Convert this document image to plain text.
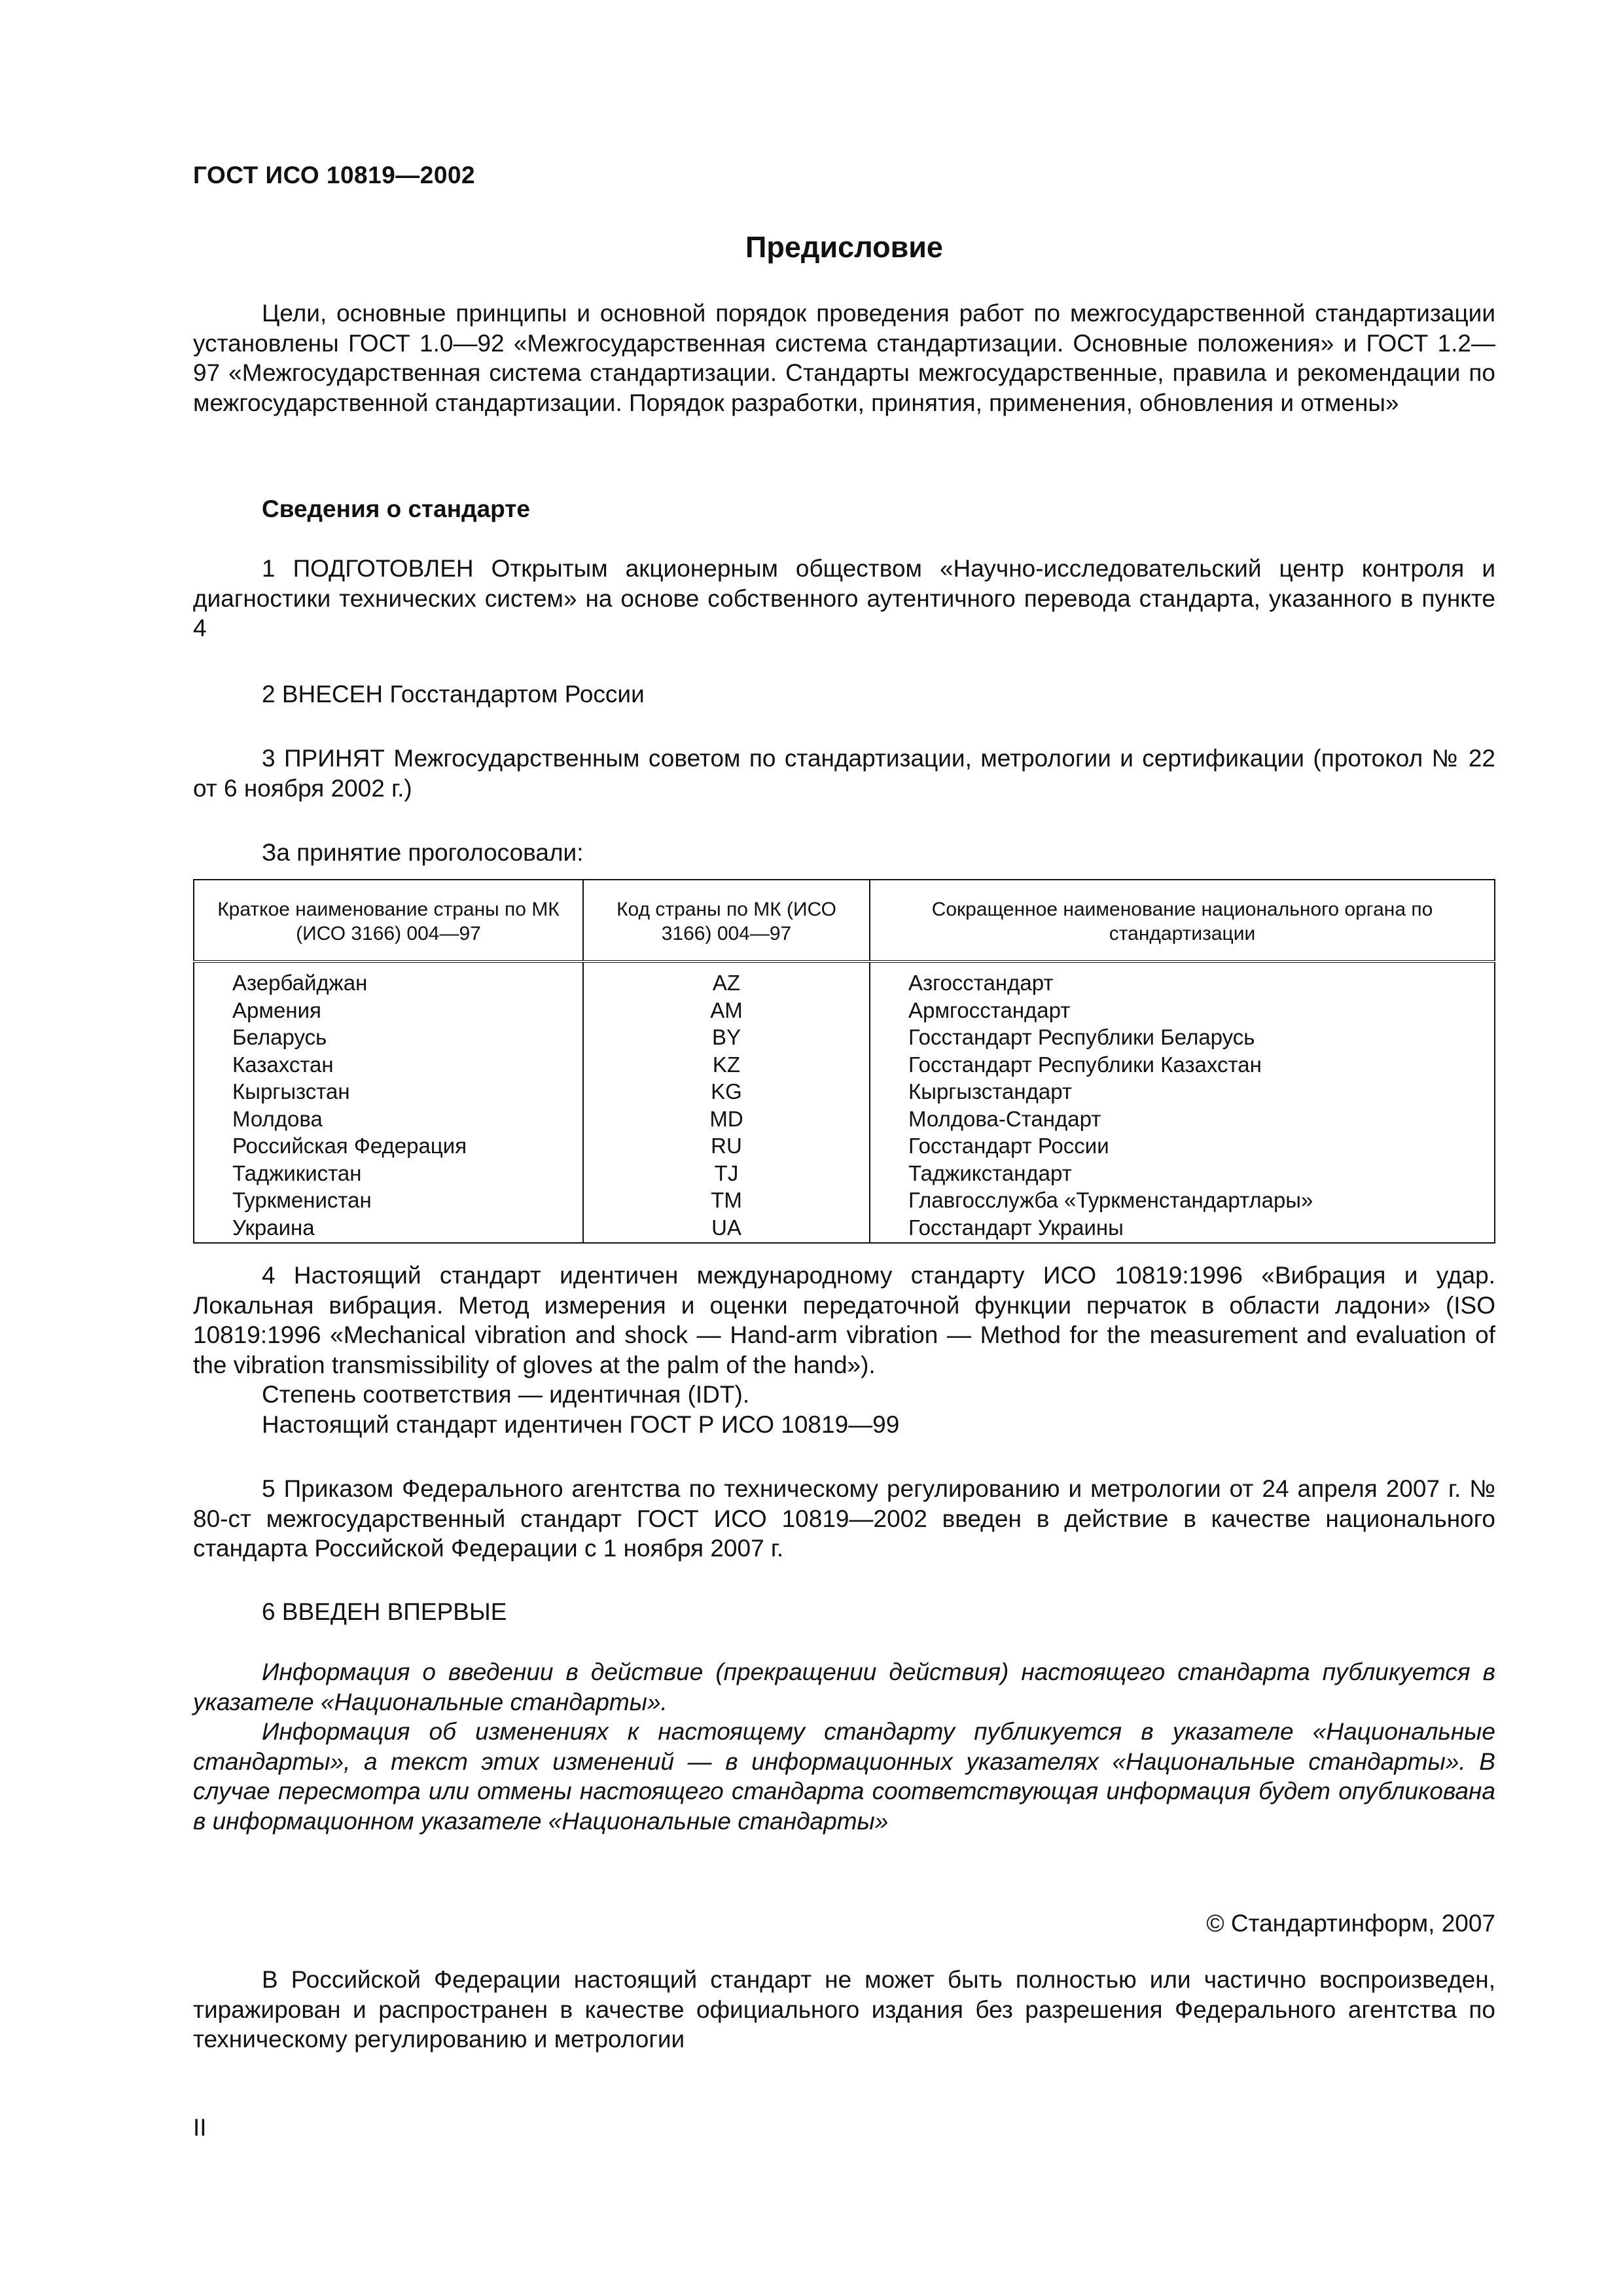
ГОСТ ИСО 10819—2002
Предисловие

Цели, основные принципы и основной порядок проведения работ по межгосударственной стандартизации установлены ГОСТ 1.0—92 «Межгосударственная система стандартизации. Основные положения» и ГОСТ 1.2—97 «Межгосударственная система стандартизации. Стандарты межгосударственные, правила и рекомендации по межгосударственной стандартизации. Порядок разработки, принятия, применения, обновления и отмены»

Сведения о стандарте

1 ПОДГОТОВЛЕН Открытым акционерным обществом «Научно-исследовательский центр контроля и диагностики технических систем» на основе собственного аутентичного перевода стандарта, указанного в пункте 4

2 ВНЕСЕН Госстандартом России

3 ПРИНЯТ Межгосударственным советом по стандартизации, метрологии и сертификации (протокол № 22 от 6 ноября 2002 г.)

За принятие проголосовали:

Краткое наименование страны по МК (ИСО 3166) 004—97	Код страны по МК (ИСО 3166) 004—97	Сокращенное наименование национального органа по стандартизации
Азербайджан	AZ	Азгосстандарт
Армения	AM	Армгосстандарт
Беларусь	BY	Госстандарт Республики Беларусь
Казахстан	KZ	Госстандарт Республики Казахстан
Кыргызстан	KG	Кыргызстандарт
Молдова	MD	Молдова-Стандарт
Российская Федерация	RU	Госстандарт России
Таджикистан	TJ	Таджикстандарт
Туркменистан	TM	Главгосслужба «Туркменстандартлары»
Украина	UA	Госстандарт Украины

4 Настоящий стандарт идентичен международному стандарту ИСО 10819:1996 «Вибрация и удар. Локальная вибрация. Метод измерения и оценки передаточной функции перчаток в области ладони» (ISO 10819:1996 «Mechanical vibration and shock — Hand-arm vibration — Method for the measurement and evaluation of the vibration transmissibility of gloves at the palm of the hand»).

Степень соответствия — идентичная (IDT).

Настоящий стандарт идентичен ГОСТ Р ИСО 10819—99

5 Приказом Федерального агентства по техническому регулированию и метрологии от 24 апреля 2007 г. № 80-ст межгосударственный стандарт ГОСТ ИСО 10819—2002 введен в действие в качестве национального стандарта Российской Федерации с 1 ноября 2007 г.

6 ВВЕДЕН ВПЕРВЫЕ

Информация о введении в действие (прекращении действия) настоящего стандарта публикуется в указателе «Национальные стандарты».

Информация об изменениях к настоящему стандарту публикуется в указателе «Национальные стандарты», а текст этих изменений — в информационных указателях «Национальные стандарты». В случае пересмотра или отмены настоящего стандарта соответствующая информация будет опубликована в информационном указателе «Национальные стандарты»

© Стандартинформ, 2007

В Российской Федерации настоящий стандарт не может быть полностью или частично воспроизведен, тиражирован и распространен в качестве официального издания без разрешения Федерального агентства по техническому регулированию и метрологии

II
